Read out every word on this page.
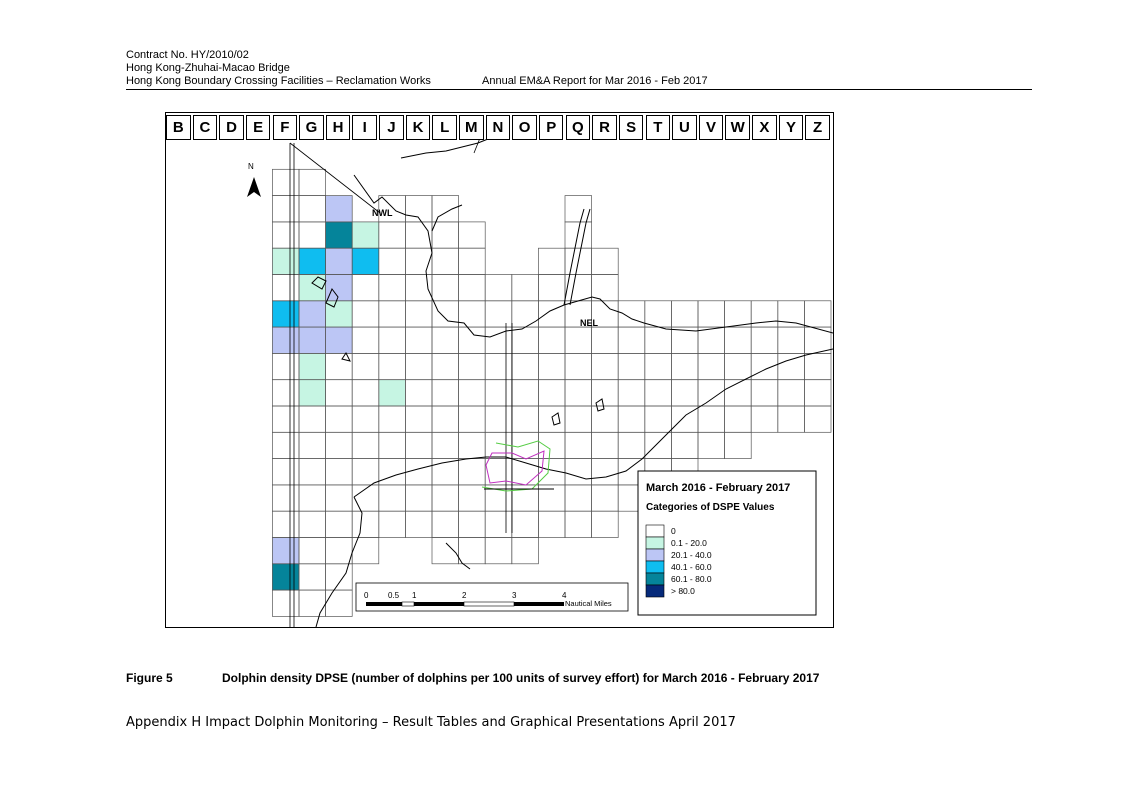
Contract No. HY/2010/02
Hong Kong-Zhuhai-Macao Bridge
Hong Kong Boundary Crossing Facilities – Reclamation Works	Annual EM&A Report for Mar 2016 - Feb 2017
N
NWL
NEL
0 0.5 1	2	3	4
Nautical Miles
March 2016 - February 2017
Categories of DSPE Values
0
0.1 - 20.0
20.1 - 40.0
40.1 - 60.0
60.1 - 80.0
> 80.0
B	C	D	E	F	G	H	I	J	K	L	M N	O	P	Q	R	S	T	U	V W X	Y	Z
Figure 5	Dolphin density DPSE (number of dolphins per 100 units of survey effort) for March 2016 - February 2017
Appendix H Impact Dolphin Monitoring – Result Tables and Graphical Presentations April 2017
